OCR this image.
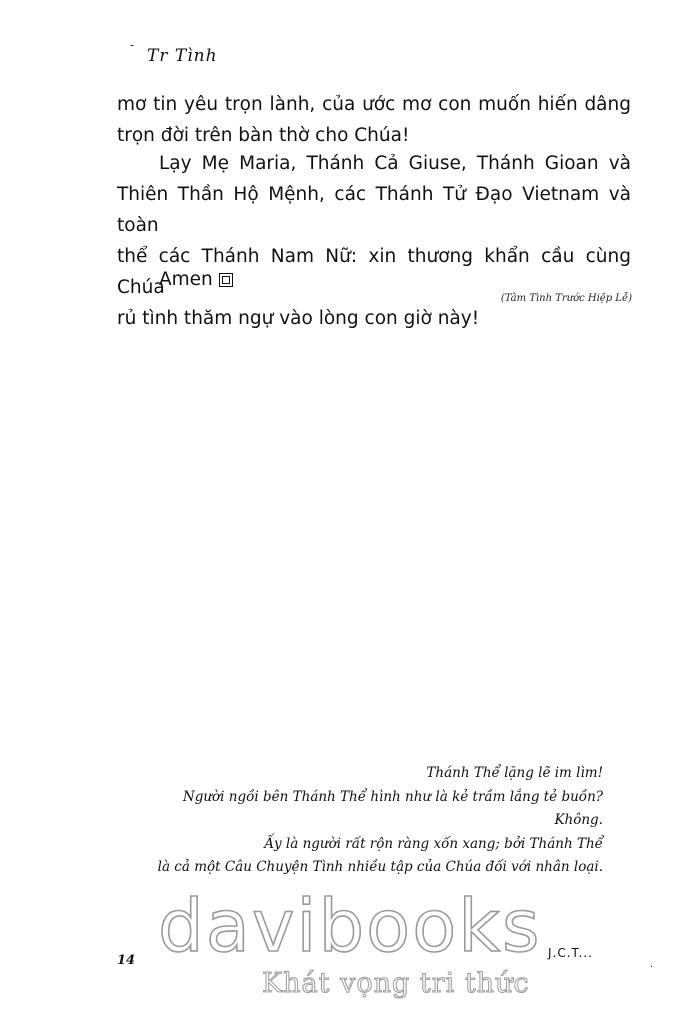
-
Tr Tình
mơ tin yêu trọn lành, của ước mơ con muốn hiến dâng
trọn đời trên bàn thờ cho Chúa!
Lạy Mẹ Maria, Thánh Cả Giuse, Thánh Gioan và
Thiên Thần Hộ Mệnh, các Thánh Tử Đạo Vietnam và toàn
thể các Thánh Nam Nữ: xin thương khẩn cầu cùng Chúa
rủ tình thăm ngự vào lòng con giờ này!
Amen
(Tâm Tình Trước Hiệp Lễ)
Thánh Thể lặng lẽ im lìm!
Người ngồi bên Thánh Thể hình như là kẻ trầm lắng tẻ buồn?
Không.
Ấy là người rất rộn ràng xốn xang; bởi Thánh Thể
là cả một Câu Chuyện Tình nhiều tập của Chúa đối với nhân loại.
davibooks
Khát vọng tri thức
14	J.C.T...
·
